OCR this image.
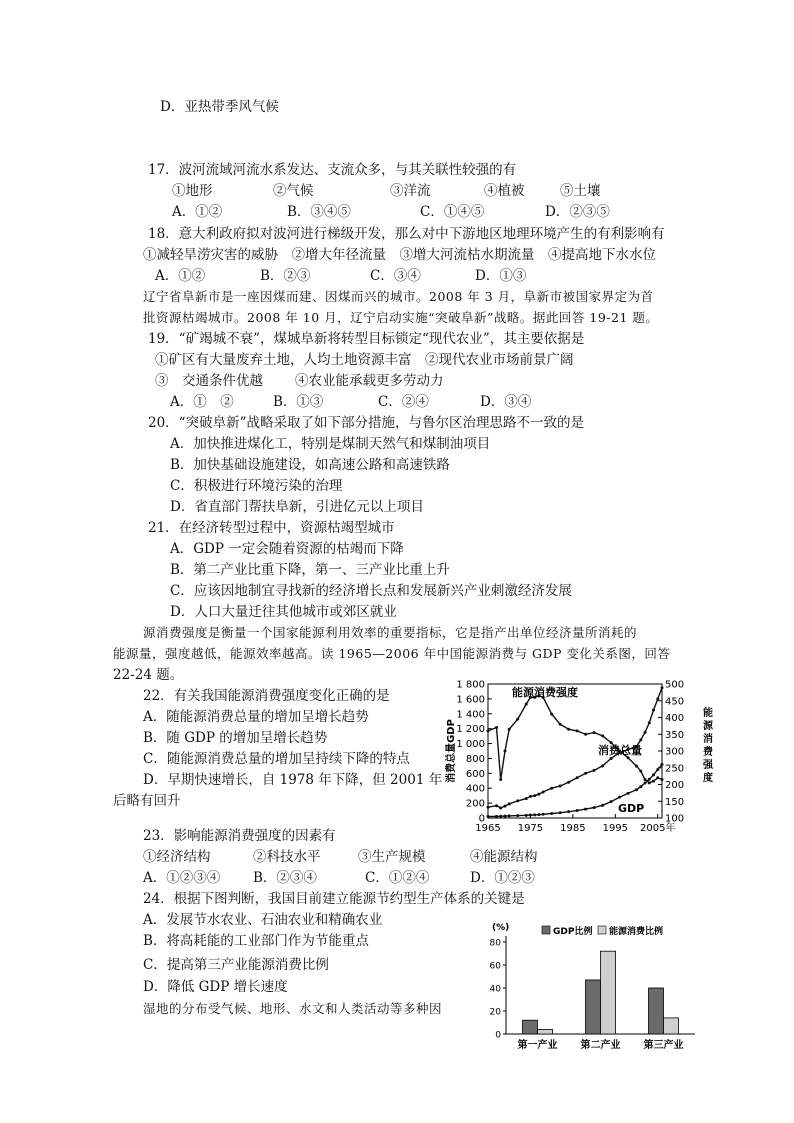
D．亚热带季风气候
17．波河流域河流水系发达、支流众多，与其关联性较强的有
①地形	②气候	③洋流	④植被	⑤土壤
A．①②	B．③④⑤	C．①④⑤	D．②③⑤
18．意大利政府拟对波河进行梯级开发，那么对中下游地区地理环境产生的有利影响有
①减轻旱涝灾害的威胁　②增大年径流量　③增大河流枯水期流量　④提高地下水水位
A．①②	B．②③	C．③④	D．①③
辽宁省阜新市是一座因煤而建、因煤而兴的城市。2008 年 3 月，阜新市被国家界定为首
批资源枯竭城市。2008 年 10 月，辽宁启动实施“突破阜新”战略。据此回答 19-21 题。
19．“矿竭城不衰”，煤城阜新将转型目标锁定“现代农业”，其主要依据是
①矿区有大量废弃土地，人均土地资源丰富　②现代农业市场前景广阔
③　交通条件优越 ④农业能承载更多劳动力
A．①　②	B．①③	C．②④	D．③④
20．“突破阜新”战略采取了如下部分措施，与鲁尔区治理思路不一致的是
A．加快推进煤化工，特别是煤制天然气和煤制油项目
B．加快基础设施建设，如高速公路和高速铁路
C．积极进行环境污染的治理
D．省直部门帮扶阜新，引进亿元以上项目
21．在经济转型过程中，资源枯竭型城市
A．GDP 一定会随着资源的枯竭而下降
B．第二产业比重下降，第一、三产业比重上升
C．应该因地制宜寻找新的经济增长点和发展新兴产业刺激经济发展
D．人口大量迁往其他城市或郊区就业
源消费强度是衡量一个国家能源利用效率的重要指标，它是指产出单位经济量所消耗的
能源量，强度越低，能源效率越高。读 1965—2006 年中国能源消费与 GDP 变化关系图，回答
22-24 题。
22．有关我国能源消费强度变化正确的是
A．随能源消费总量的增加呈增长趋势
B．随 GDP 的增加呈增长趋势
C．随能源消费总量的增加呈持续下降的特点
D．早期快速增长，自 1978 年下降，但 2001 年
后略有回升
23．影响能源消费强度的因素有
①经济结构	②科技水平	③生产规模	④能源结构
A．①②③④ B．②③④	C．①②④	D．①②③
24．根据下图判断，我国目前建立能源节约型生产体系的关键是
A．发展节水农业、石油农业和精确农业
B．将高耗能的工业部门作为节能重点
C．提高第三产业能源消费比例
D．降低 GDP 增长速度
湿地的分布受气候、地形、水文和人类活动等多种因
0
200
400
600
800
1 000
1 200
1 400
1 600
1 800
100
150
200
250
300
350
400
450
500
1965 1975 1985 1995 2005年
消费总量GDP
能
源
消
费
强
度
能源消费强度
消费总量
GDP
(%)
0
20
40
60
80
第一产业 第二产业 第三产业
GDP比例 能源消费比例
